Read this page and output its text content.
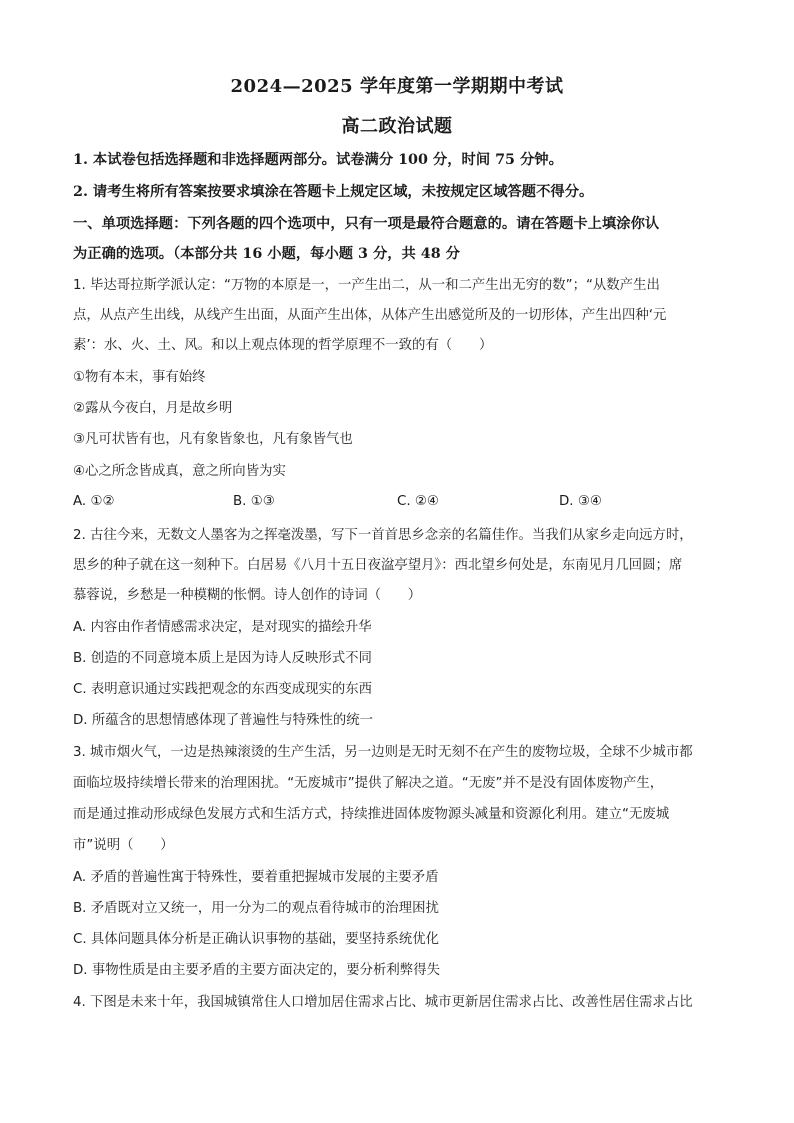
2024—2025 学年度第一学期期中考试
高二政治试题
1. 本试卷包括选择题和非选择题两部分。试卷满分 100 分，时间 75 分钟。
2. 请考生将所有答案按要求填涂在答题卡上规定区域，未按规定区域答题不得分。
一、单项选择题：下列各题的四个选项中，只有一项是最符合题意的。请在答题卡上填涂你认
为正确的选项。（本部分共 16 小题，每小题 3 分，共 48 分
1. 毕达哥拉斯学派认定：“万物的本原是一，一产生出二，从一和二产生出无穷的数”；“从数产生出
点，从点产生出线，从线产生出面，从面产生出体，从体产生出感觉所及的一切形体，产生出四种‘元
素’：水、火、土、风。和以上观点体现的哲学原理不一致的有（　　）
①物有本末，事有始终
②露从今夜白，月是故乡明
③凡可状皆有也，凡有象皆象也，凡有象皆气也
④心之所念皆成真，意之所向皆为实
A. ①②	B. ①③	C. ②④	D. ③④
2. 古往今来，无数文人墨客为之挥毫泼墨，写下一首首思乡念亲的名篇佳作。当我们从家乡走向远方时，
思乡的种子就在这一刻种下。白居易《八月十五日夜湓亭望月》：西北望乡何处是，东南见月几回圆；席
慕蓉说，乡愁是一种模糊的怅惘。诗人创作的诗词（　　）
A. 内容由作者情感需求决定，是对现实的描绘升华
B. 创造的不同意境本质上是因为诗人反映形式不同
C. 表明意识通过实践把观念的东西变成现实的东西
D. 所蕴含的思想情感体现了普遍性与特殊性的统一
3. 城市烟火气，一边是热辣滚烫的生产生活，另一边则是无时无刻不在产生的废物垃圾，全球不少城市都
面临垃圾持续增长带来的治理困扰。“无废城市”提供了解决之道。“无废”并不是没有固体废物产生，
而是通过推动形成绿色发展方式和生活方式，持续推进固体废物源头减量和资源化利用。建立“无废城
市”说明（　　）
A. 矛盾的普遍性寓于特殊性，要着重把握城市发展的主要矛盾
B. 矛盾既对立又统一，用一分为二的观点看待城市的治理困扰
C. 具体问题具体分析是正确认识事物的基础，要坚持系统优化
D. 事物性质是由主要矛盾的主要方面决定的，要分析利弊得失
4. 下图是未来十年，我国城镇常住人口增加居住需求占比、城市更新居住需求占比、改善性居住需求占比
